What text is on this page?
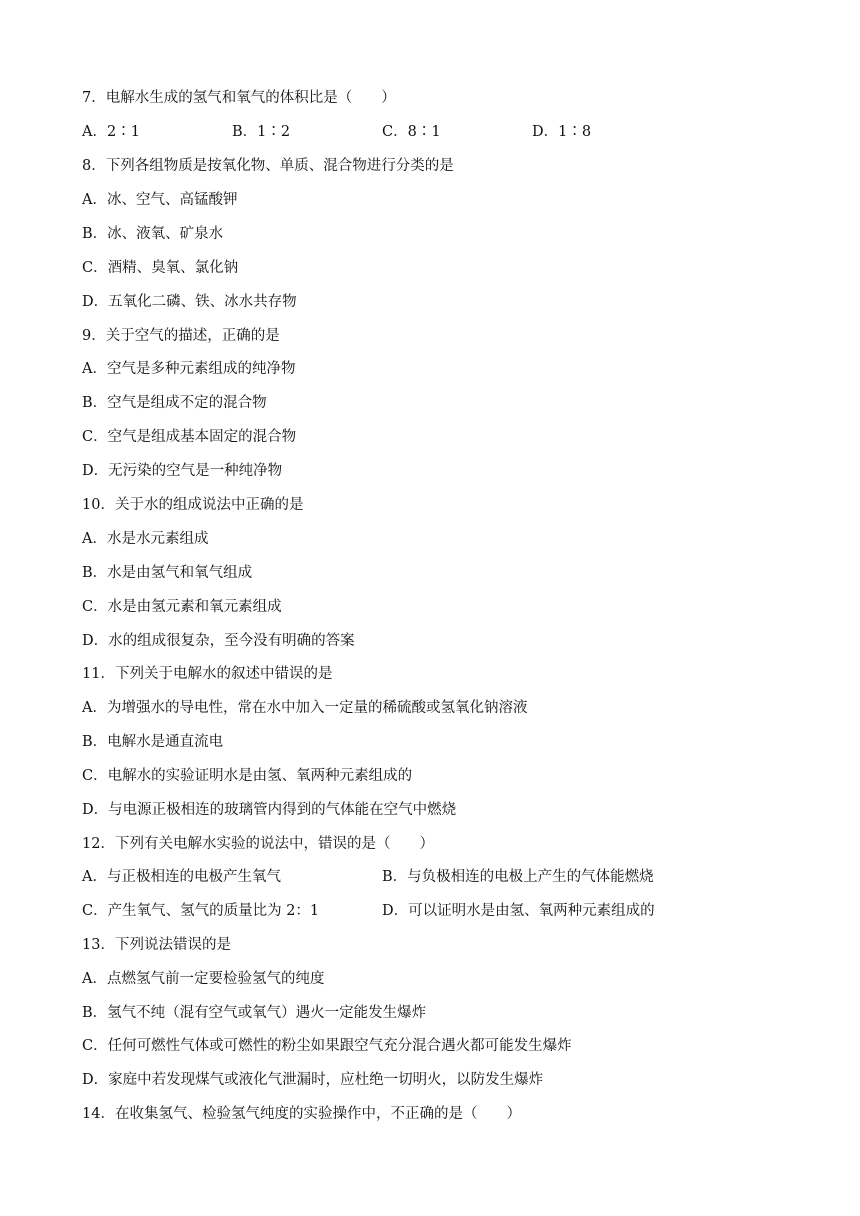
7．电解水生成的氢气和氧气的体积比是（　　）
A．2∶1	B．1∶2	C．8∶1	D．1∶8
8．下列各组物质是按氧化物、单质、混合物进行分类的是
A．冰、空气、高锰酸钾
B．冰、液氧、矿泉水
C．酒精、臭氧、氯化钠
D．五氧化二磷、铁、冰水共存物
9．关于空气的描述，正确的是
A．空气是多种元素组成的纯净物
B．空气是组成不定的混合物
C．空气是组成基本固定的混合物
D．无污染的空气是一种纯净物
10．关于水的组成说法中正确的是
A．水是水元素组成
B．水是由氢气和氧气组成
C．水是由氢元素和氧元素组成
D．水的组成很复杂，至今没有明确的答案
11．下列关于电解水的叙述中错误的是
A．为增强水的导电性，常在水中加入一定量的稀硫酸或氢氧化钠溶液
B．电解水是通直流电
C．电解水的实验证明水是由氢、氧两种元素组成的
D．与电源正极相连的玻璃管内得到的气体能在空气中燃烧
12．下列有关电解水实验的说法中，错误的是（　　）
A．与正极相连的电极产生氧气	B．与负极相连的电极上产生的气体能燃烧
C．产生氧气、氢气的质量比为 2：1	D．可以证明水是由氢、氧两种元素组成的
13．下列说法错误的是
A．点燃氢气前一定要检验氢气的纯度
B．氢气不纯（混有空气或氧气）遇火一定能发生爆炸
C．任何可燃性气体或可燃性的粉尘如果跟空气充分混合遇火都可能发生爆炸
D．家庭中若发现煤气或液化气泄漏时，应杜绝一切明火，以防发生爆炸
14．在收集氢气、检验氢气纯度的实验操作中，不正确的是（　　）
